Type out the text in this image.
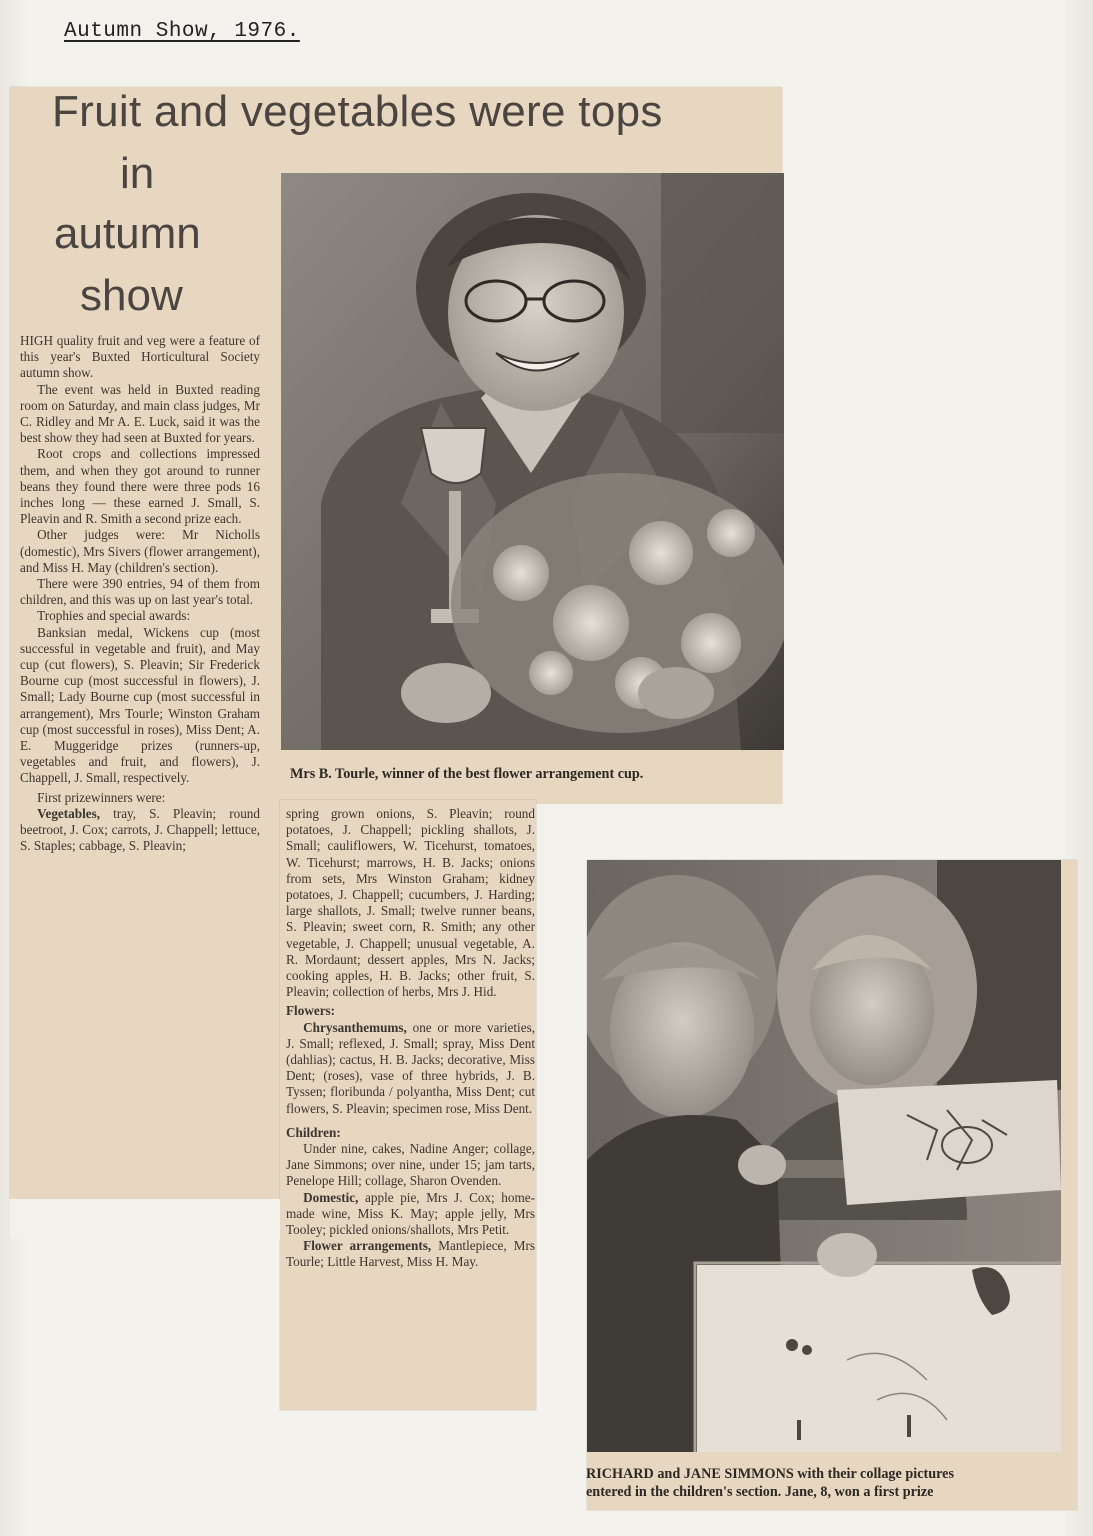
Autumn Show, 1976.
Fruit and vegetables were tops
in
autumn
show

HIGH quality fruit and veg were a feature of this year's Buxted Horticultural Society autumn show.

The event was held in Buxted reading room on Saturday, and main class judges, Mr C. Ridley and Mr A. E. Luck, said it was the best show they had seen at Buxted for years.

Root crops and collections impressed them, and when they got around to runner beans they found there were three pods 16 inches long — these earned J. Small, S. Pleavin and R. Smith a second prize each.

Other judges were: Mr Nicholls (domestic), Mrs Sivers (flower arrangement), and Miss H. May (children's section).

There were 390 entries, 94 of them from children, and this was up on last year's total.

Trophies and special awards:

Banksian medal, Wickens cup (most successful in vegetable and fruit), and May cup (cut flowers), S. Pleavin; Sir Frederick Bourne cup (most successful in flowers), J. Small; Lady Bourne cup (most successful in arrangement), Mrs Tourle; Winston Graham cup (most successful in roses), Miss Dent; A. E. Muggeridge prizes (runners-up, vegetables and fruit, and flowers), J. Chappell, J. Small, respectively.

First prizewinners were:

Vegetables, tray, S. Pleavin; round beetroot, J. Cox; carrots, J. Chappell; lettuce, S. Staples; cabbage, S. Pleavin;

spring grown onions, S. Pleavin; round potatoes, J. Chappell; pickling shallots, J. Small; cauliflowers, W. Ticehurst, tomatoes, W. Ticehurst; marrows, H. B. Jacks; onions from sets, Mrs Winston Graham; kidney potatoes, J. Chappell; cucumbers, J. Harding; large shallots, J. Small; twelve runner beans, S. Pleavin; sweet corn, R. Smith; any other vegetable, J. Chappell; unusual vegetable, A. R. Mordaunt; dessert apples, Mrs N. Jacks; cooking apples, H. B. Jacks; other fruit, S. Pleavin; collection of herbs, Mrs J. Hid.

Flowers:

Chrysanthemums, one or more varieties, J. Small; reflexed, J. Small; spray, Miss Dent (dahlias); cactus, H. B. Jacks; decorative, Miss Dent; (roses), vase of three hybrids, J. B. Tyssen; floribunda / polyantha, Miss Dent; cut flowers, S. Pleavin; specimen rose, Miss Dent.

Children:

Under nine, cakes, Nadine Anger; collage, Jane Simmons; over nine, under 15; jam tarts, Penelope Hill; collage, Sharon Ovenden.

Domestic, apple pie, Mrs J. Cox; home-made wine, Miss K. May; apple jelly, Mrs Tooley; pickled onions/shallots, Mrs Petit.

Flower arrangements, Mantlepiece, Mrs Tourle; Little Harvest, Miss H. May.

Mrs B. Tourle, winner of the best flower arrangement cup.
RICHARD and JANE SIMMONS with their collage pictures
entered in the children's section. Jane, 8, won a first prize
